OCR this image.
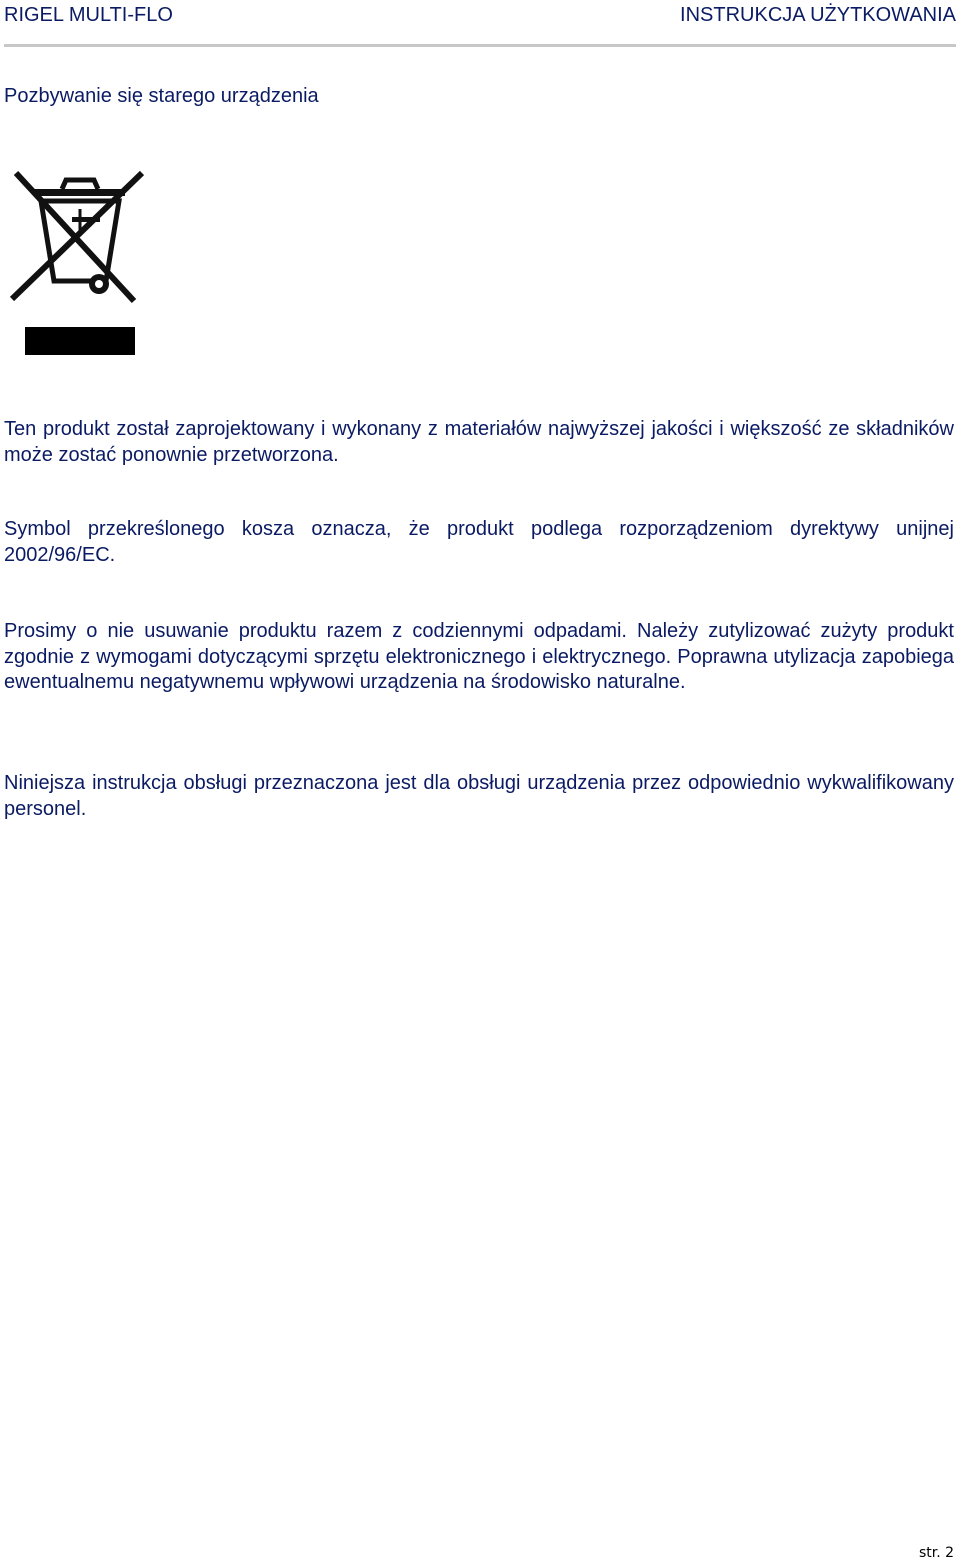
RIGEL MULTI-FLO	INSTRUKCJA UŻYTKOWANIA
Pozbywanie się starego urządzenia
Ten produkt został zaprojektowany i wykonany z materiałów najwyższej jakości i większość ze składników może zostać ponownie przetworzona.
Symbol przekreślonego kosza oznacza, że produkt podlega rozporządzeniom dyrektywy unijnej 2002/96/EC.
Prosimy o nie usuwanie produktu razem z codziennymi odpadami. Należy zutylizować zużyty produkt zgodnie z wymogami dotyczącymi sprzętu elektronicznego i elektrycznego. Poprawna utylizacja zapobiega ewentualnemu negatywnemu wpływowi urządzenia na środowisko naturalne.
Niniejsza instrukcja obsługi przeznaczona jest dla obsługi urządzenia przez odpowiednio wykwalifikowany personel.
str. 2
